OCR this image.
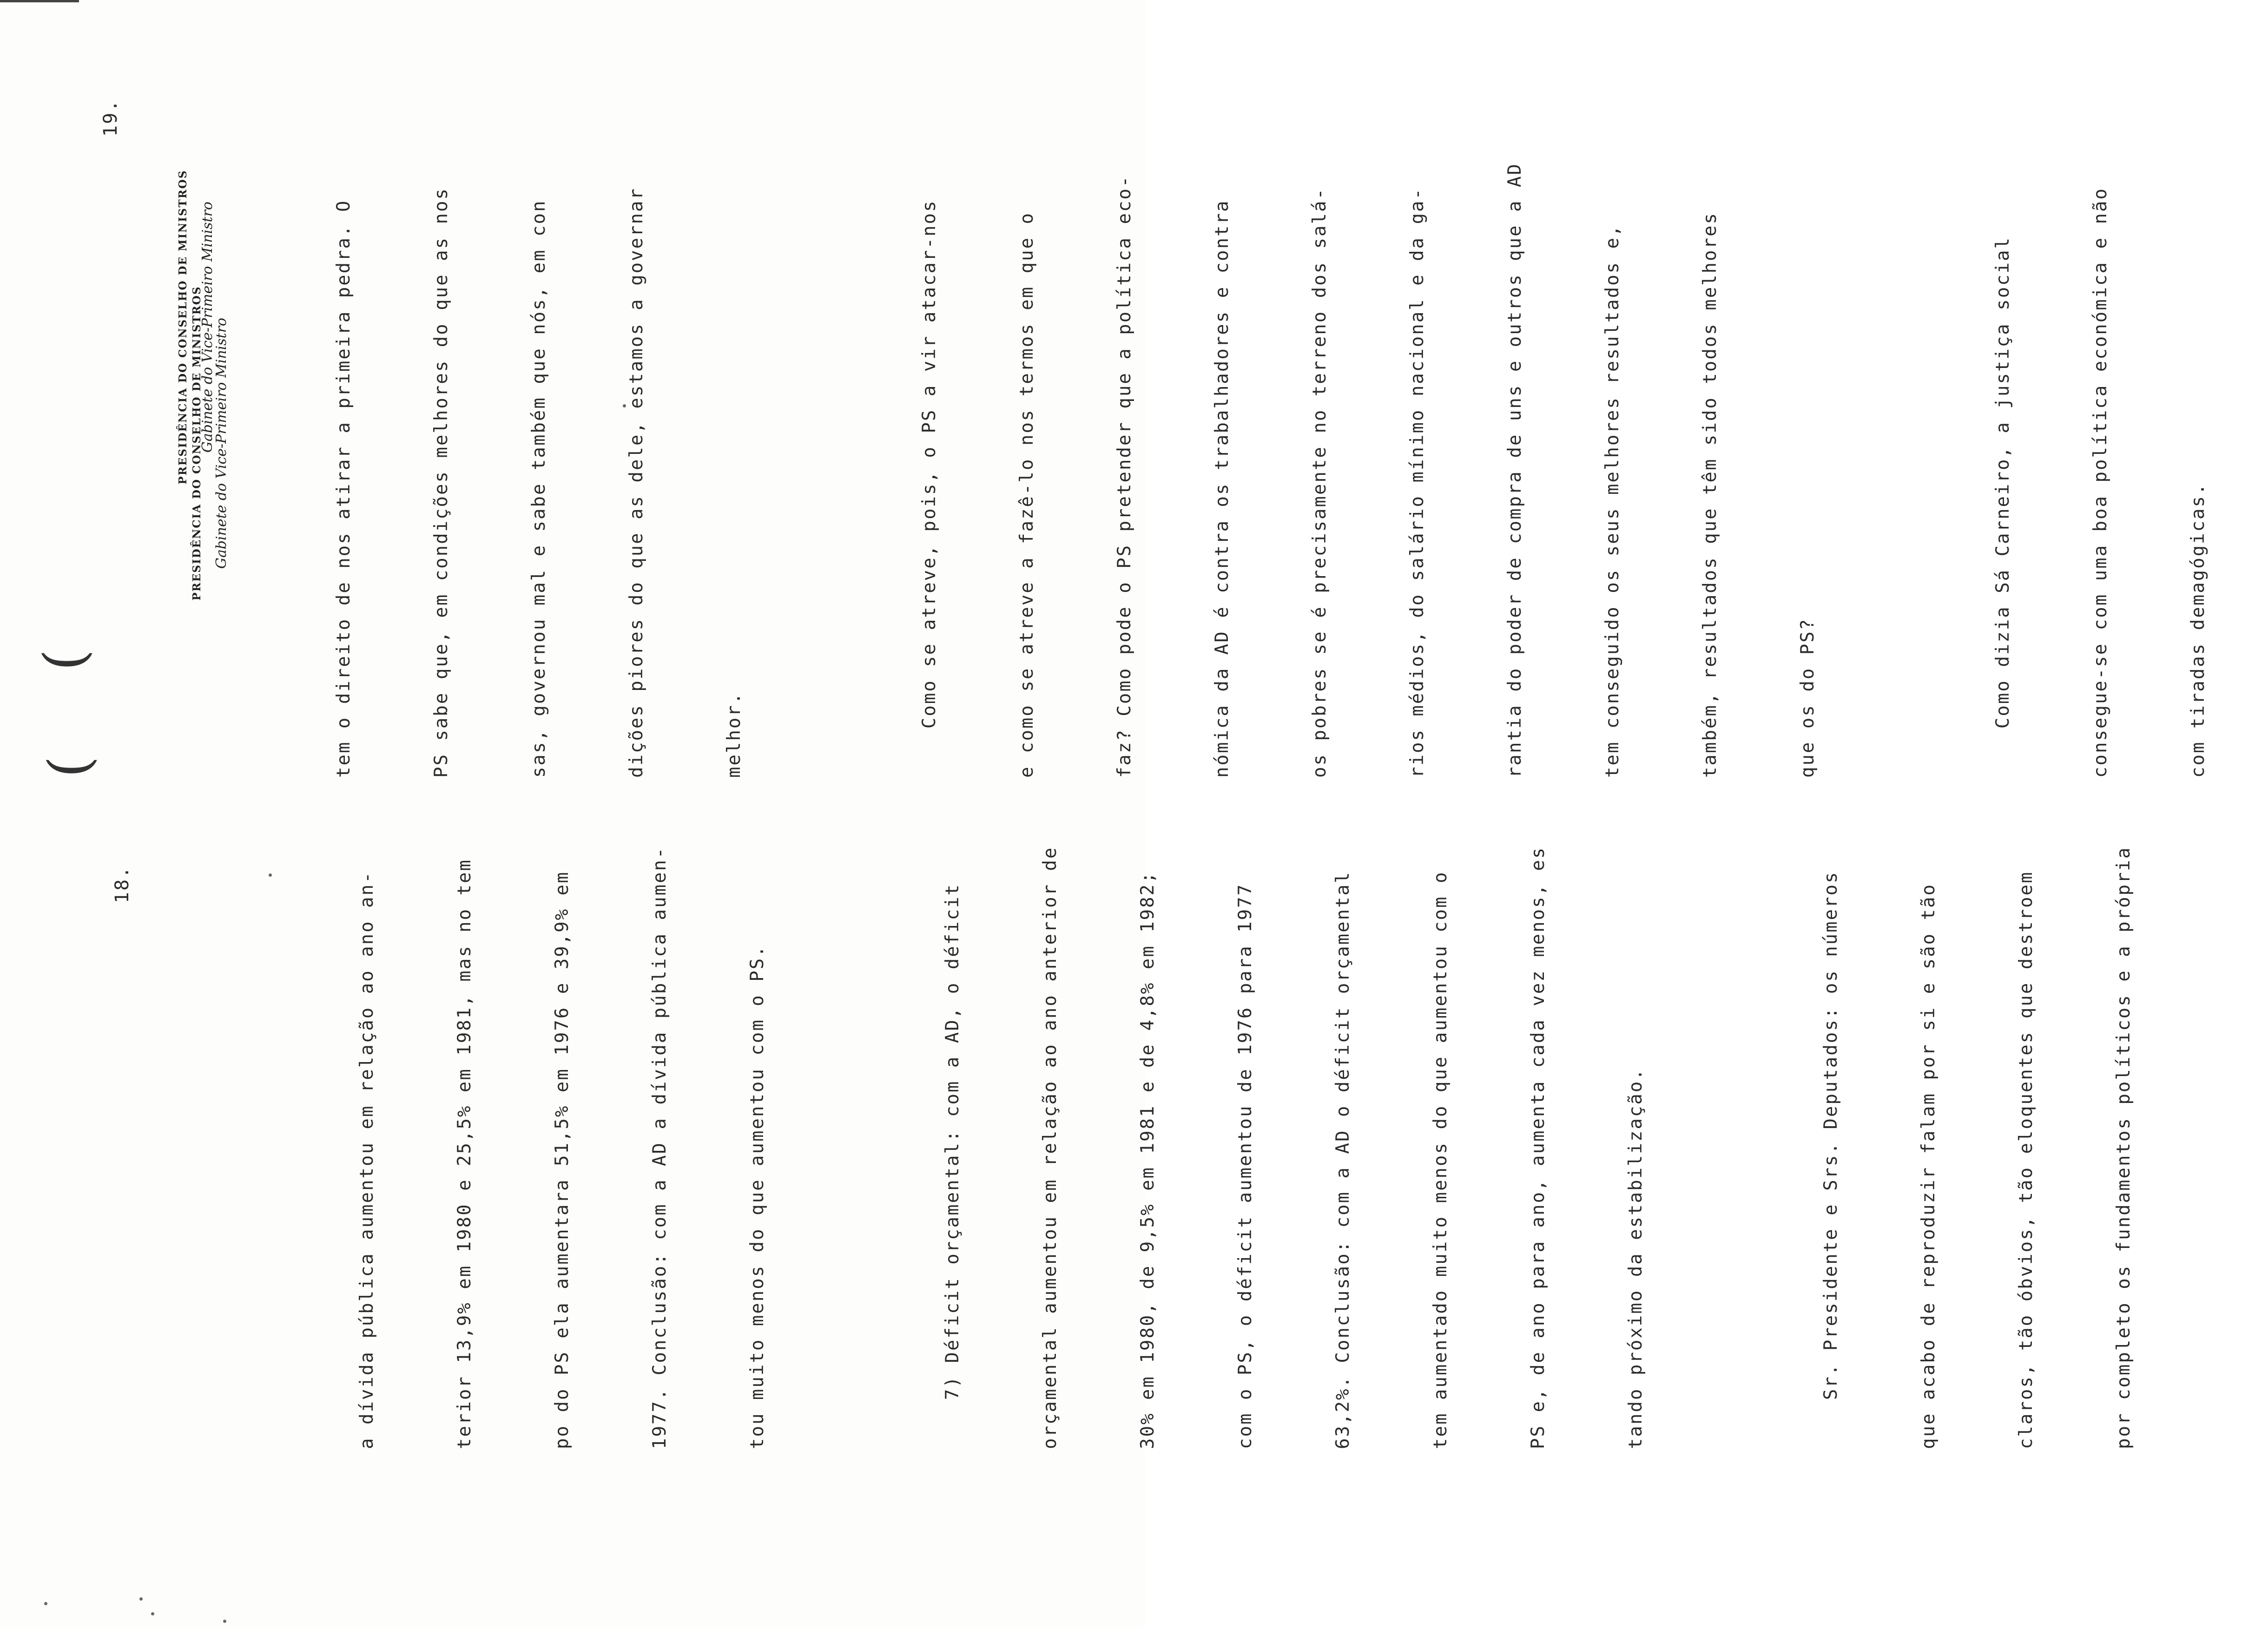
18.
(
PRESIDÊNCIA DO CONSELHO DE MINISTROS Gabinete do Vice-Primeiro Ministro

a dívida pública aumentou em relação ao ano an-

	terior 13,9% em 1980 e 25,5% em 1981, mas no tem

	po do PS ela aumentara 51,5% em 1976 e 39,9% em

	1977. Conclusão: com a AD a dívida pública aumen-

	tou muito menos do que aumentou com o PS.

	7) Déficit orçamental: com a AD, o déficit

	orçamental aumentou em relação ao ano anterior de

	30% em 1980, de 9,5% em 1981 e de 4,8% em 1982;

	com o PS, o déficit aumentou de 1976 para 1977

	63,2%. Conclusão: com a AD o déficit orçamental

	tem aumentado muito menos do que aumentou com o

	PS e, de ano para ano, aumenta cada vez menos, es

	tando próximo da estabilização.

	Sr. Presidente e Srs. Deputados: os números

	que acabo de reproduzir falam por si e são tão

	claros, tão óbvios, tão eloquentes que destroem

	por completo os fundamentos políticos e a própria

19.
(
PRESIDÊNCIA DO CONSELHO DE MINISTROS Gabinete do Vice-Primeiro Ministro

	tem o direito de nos atirar a primeira pedra. O

	PS sabe que, em condições melhores do que as nos

	sas, governou mal e sabe também que nós, em con

	dições piores do que as dele, estamos a governar

	melhor.

	Como se atreve, pois, o PS a vir atacar-nos

	e como se atreve a fazê-lo nos termos em que o

	faz? Como pode o PS pretender que a política eco-

	nómica da AD é contra os trabalhadores e contra

	os pobres se é precisamente no terreno dos salá-

	rios médios, do salário mínimo nacional e da ga-

	rantia do poder de compra de uns e outros que a AD

	tem conseguido os seus melhores resultados e,

	também, resultados que têm sido todos melhores

	que os do PS?

	Como dizia Sá Carneiro, a justiça social

	consegue-se com uma boa política económica e não

	com tiradas demagógicas.
